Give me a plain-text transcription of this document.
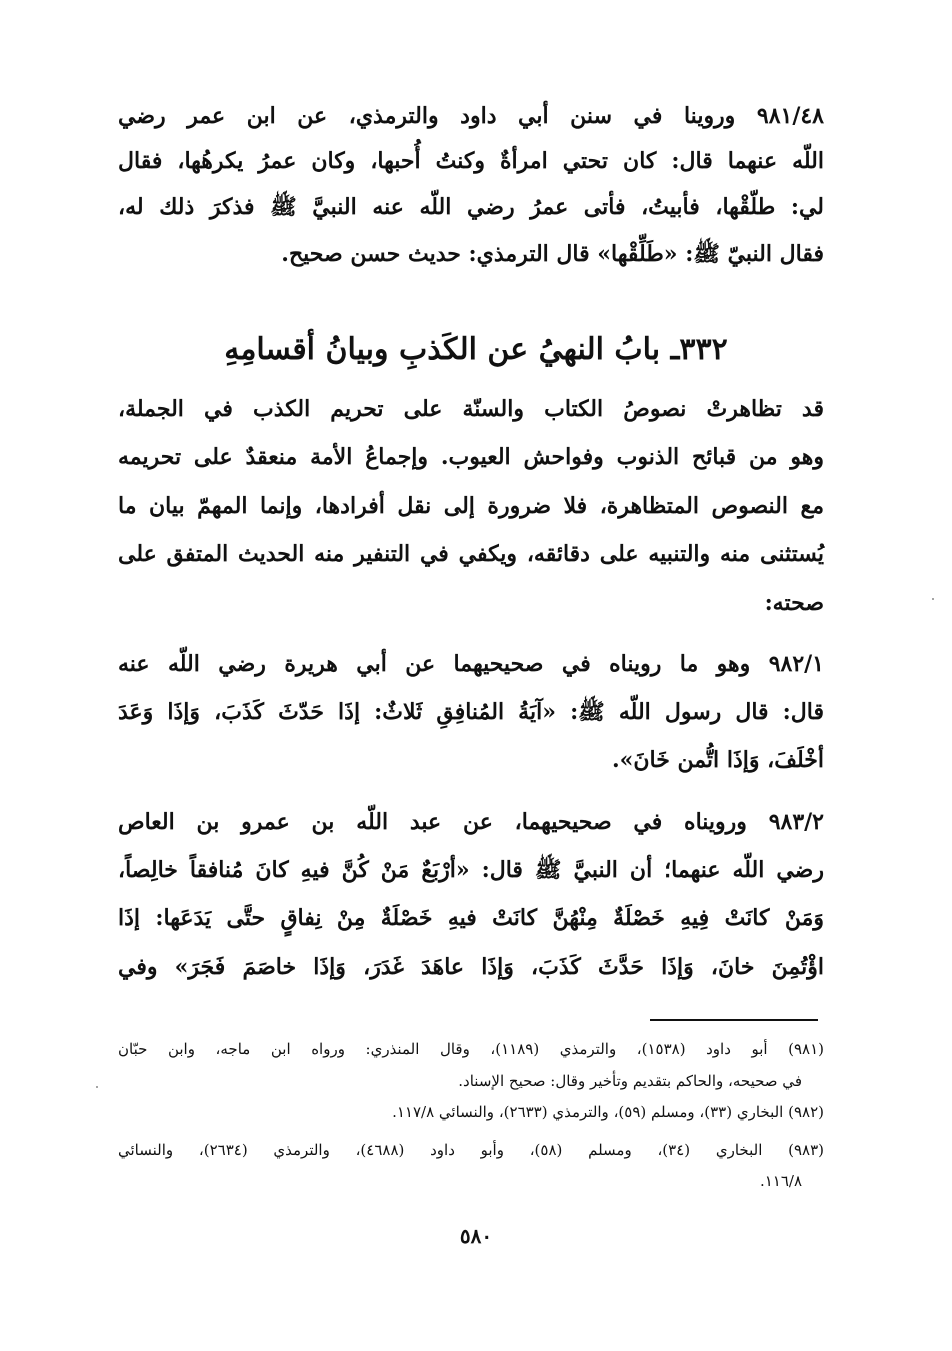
٩٨١/٤٨ وروينا في سنن أبي داود والترمذي، عن ابن عمر رضي
اللّه عنهما قال: كان تحتي امرأةٌ وكنتُ أُحبها، وكان عمرُ يكرهُها، فقال
لي: طلّقْها، فأبيتُ، فأتى عمرُ رضي اللّه عنه النبيَّ ﷺ فذكرَ ذلك له،
فقال النبيّ ﷺ: «طَلِّقْها» قال الترمذي: حديث حسن صحيح.
٣٣٢ـ بابُ النهيُ عن الكَذبِ وبيانُ أقسامِهِ
قد تظاهرتْ نصوصُ الكتاب والسنّة على تحريم الكذب في الجملة،
وهو من قبائح الذنوب وفواحش العيوب. وإجماعُ الأمة منعقدٌ على تحريمه
مع النصوص المتظاهرة، فلا ضرورة إلى نقل أفرادها، وإنما المهمّ بيان ما
يُستثنى منه والتنبيه على دقائقه، ويكفي في التنفير منه الحديث المتفق على
صحته:
٩٨٢/١ وهو ما رويناه في صحيحيهما عن أبي هريرة رضي اللّه عنه
قال: قال رسول اللّه ﷺ: «آيَةُ المُنافِقِ ثَلاثٌ: إذَا حَدّثَ كَذَبَ، وَإذَا وَعَدَ
أخْلَفَ، وَإذَا اتُّمن خَانَ».
٩٨٣/٢ ورويناه في صحيحيهما، عن عبد اللّه بن عمرو بن العاص
رضي اللّه عنهما؛ أن النبيَّ ﷺ قال: «أرْبَعٌ مَنْ كُنَّ فيهِ كانَ مُنافقاً خالِصاً،
وَمَنْ كانَتْ فِيهِ خَصْلَةٌ مِنْهُنَّ كانَتْ فيهِ خَصْلَةٌ مِنْ نِفاقٍ حتَّى يَدَعَها: إذَا
اؤْتُمِنَ خانَ، وَإذَا حَدَّثَ كَذَبَ، وَإذَا عاهَدَ غَدَرَ، وَإذَا خاصَمَ فَجَرَ» وفي
(٩٨١) أبو داود (١٥٣٨)، والترمذي (١١٨٩)، وقال المنذري: ورواه ابن ماجه، وابن حبّان
في صحيحه، والحاكم بتقديم وتأخير وقال: صحيح الإسناد.
(٩٨٢) البخاري (٣٣)، ومسلم (٥٩)، والترمذي (٢٦٣٣)، والنسائي ١١٧/٨.
(٩٨٣) البخاري (٣٤)، ومسلم (٥٨)، وأبو داود (٤٦٨٨)، والترمذي (٢٦٣٤)، والنسائي
١١٦/٨.
٥٨٠
